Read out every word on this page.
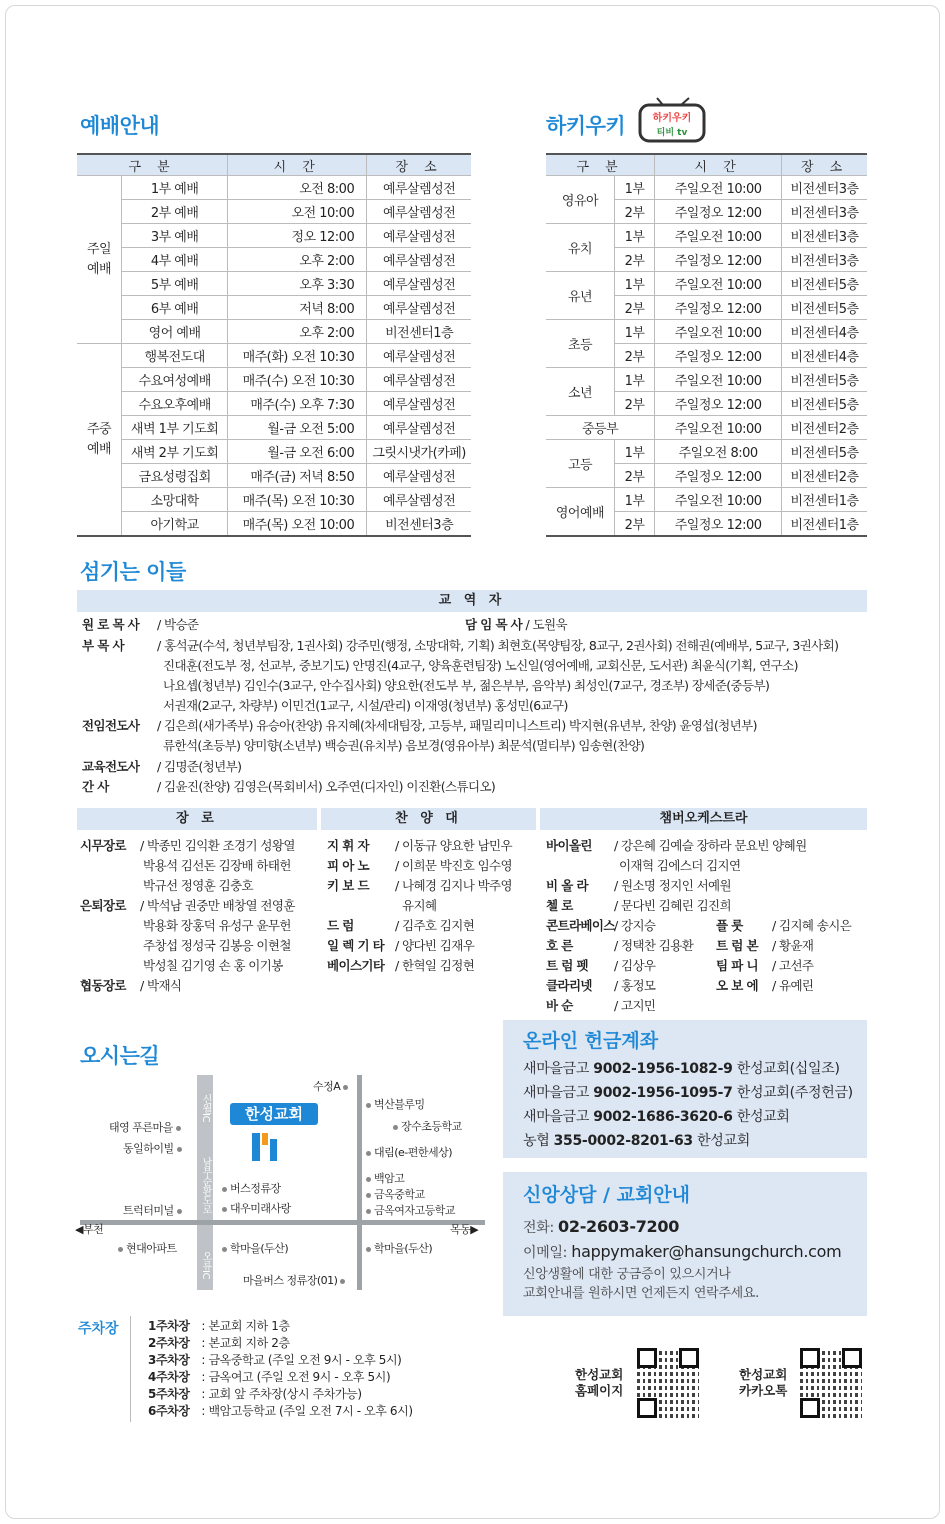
예배안내
구 분		시 간	장 소
주일
예배	1부 예배	오전 8:00	예루살렘성전
	2부 예배	오전 10:00	예루살렘성전
	3부 예배	정오 12:00	예루살렘성전
	4부 예배	오후 2:00	예루살렘성전
	5부 예배	오후 3:30	예루살렘성전
	6부 예배	저녁 8:00	예루살렘성전
	영어 예배	오후 2:00	비전센터1층
주중
예배	행복전도대	매주(화) 오전 10:30	예루살렘성전
	수요여성예배	매주(수) 오전 10:30	예루살렘성전
	수요오후예배	매주(수) 오후 7:30	예루살렘성전
	새벽 1부 기도회	월-금 오전 5:00	예루살렘성전
	새벽 2부 기도회	월-금 오전 6:00	그릿시냇가(카페)
	금요성령집회	매주(금) 저녁 8:50	예루살렘성전
	소망대학	매주(목) 오전 10:30	예루살렘성전
	아기학교	매주(목) 오전 10:00	비전센터3층
하키우키	하키우키
티비 tv
구 분		시 간	장 소
영유아	1부	주일오전 10:00	비전센터3층
	2부	주일정오 12:00	비전센터3층
유치	1부	주일오전 10:00	비전센터3층
	2부	주일정오 12:00	비전센터3층
유년	1부	주일오전 10:00	비전센터5층
	2부	주일정오 12:00	비전센터5층
초등	1부	주일오전 10:00	비전센터4층
	2부	주일정오 12:00	비전센터4층
소년	1부	주일오전 10:00	비전센터5층
	2부	주일정오 12:00	비전센터5층
중등부		주일오전 10:00	비전센터2층
고등	1부	주일오전 8:00	비전센터5층
	2부	주일정오 12:00	비전센터2층
영어예배	1부	주일오전 10:00	비전센터1층
	2부	주일정오 12:00	비전센터1층
섬기는 이들
교 역 자
원 로 목 사 / 박승준	담 임 목 사 / 도원욱
부 목 사	/ 홍석균(수석, 청년부팀장, 1권사회) 강주민(행정, 소망대학, 기획) 최현호(목양팀장, 8교구, 2권사회) 전해권(예배부, 5교구, 3권사회)
진대훈(전도부 정, 선교부, 중보기도) 안명진(4교구, 양육훈련팀장) 노신일(영어예배, 교회신문, 도서관) 최윤식(기획, 연구소)
나요셉(청년부) 김인수(3교구, 안수집사회) 양요한(전도부 부, 젊은부부, 음악부) 최성인(7교구, 경조부) 장세준(중등부)
서권재(2교구, 차량부) 이민건(1교구, 시설/관리) 이재영(청년부) 홍성민(6교구)
전임전도사 / 김은희(새가족부) 유승아(찬양) 유지혜(차세대팀장, 고등부, 패밀리미니스트리) 박지현(유년부, 찬양) 윤영섭(청년부)
류한석(초등부) 양미향(소년부) 백승권(유치부) 음보경(영유아부) 최문석(멀티부) 임송현(찬양)
교육전도사 / 김명준(청년부)
간 사	/ 김윤진(찬양) 김영은(목회비서) 오주연(디자인) 이진환(스튜디오)
장 로	찬 양 대	챔버오케스트라
시무장로 / 박종민 김익환 조경기 성왕열
박용석 김선돈 김장배 하태헌
박규선 정영훈 김충호
은퇴장로 / 박석남 권중만 배창열 전영훈
박용화 장홍덕 유성구 윤무헌
주창섭 정성국 김봉응 이현철
박성칠 김기영 손 홍 이기봉
협동장로 / 박재식
지 휘 자 / 이동규 양요한 남민우
피 아 노 / 이희문 박진호 임수영
키 보 드 / 나혜경 김지나 박주영
유지혜
드 럼	/ 김주호 김지현
일 렉 기 타 / 양다빈 김재우
베이스기타 / 한혁일 김정현
바이올린 / 강은혜 김예슬 장하라 문요빈 양혜원
이재혁 김에스더 김지연
비 올 라 / 원소명 정지인 서예원
첼 로	/ 문다빈 김혜린 김진희
콘트라베이스/ 강지승
호 른	/ 정택찬 김용환
트 럼 펫 / 김상우
클라리넷 / 홍정모
바 순	/ 고지민
플 룻 / 김지혜 송시은
트 럼 본 / 황윤재
팀 파 니 / 고선주
오 보 에 / 유예린
오시는길
신월IC
남부순환도로
오류IC
한성교회
수정A
벽산블루밍
장수초등학교
대림(e-편한세상)
태영 푸른마을
동일하이빌
버스정류장
대우미래사랑
백암고
금옥중학교
금옥여자고등학교
트럭터미널
◀부천	목동▶
현대아파트	학마을(두산)	학마을(두산)
마을버스 정류장(01)
주차장 1주차장 : 본교회 지하 1층
2주차장 : 본교회 지하 2층
3주차장 : 금옥중학교 (주일 오전 9시 - 오후 5시)
4주차장 : 금옥여고 (주일 오전 9시 - 오후 5시)
5주차장 : 교회 앞 주차장(상시 주차가능)
6주차장 : 백암고등학교 (주일 오전 7시 - 오후 6시)
온라인 헌금계좌
새마을금고 9002-1956-1082-9 한성교회(십일조)
새마을금고 9002-1956-1095-7 한성교회(주정헌금)
새마을금고 9002-1686-3620-6 한성교회
농협 355-0002-8201-63 한성교회
신앙상담 / 교회안내
전화: 02-2603-7200
이메일: happymaker@hansungchurch.com
신앙생활에 대한 궁금증이 있으시거나
교회안내를 원하시면 언제든지 연락주세요.
한성교회
홈페이지
한성교회
카카오톡
